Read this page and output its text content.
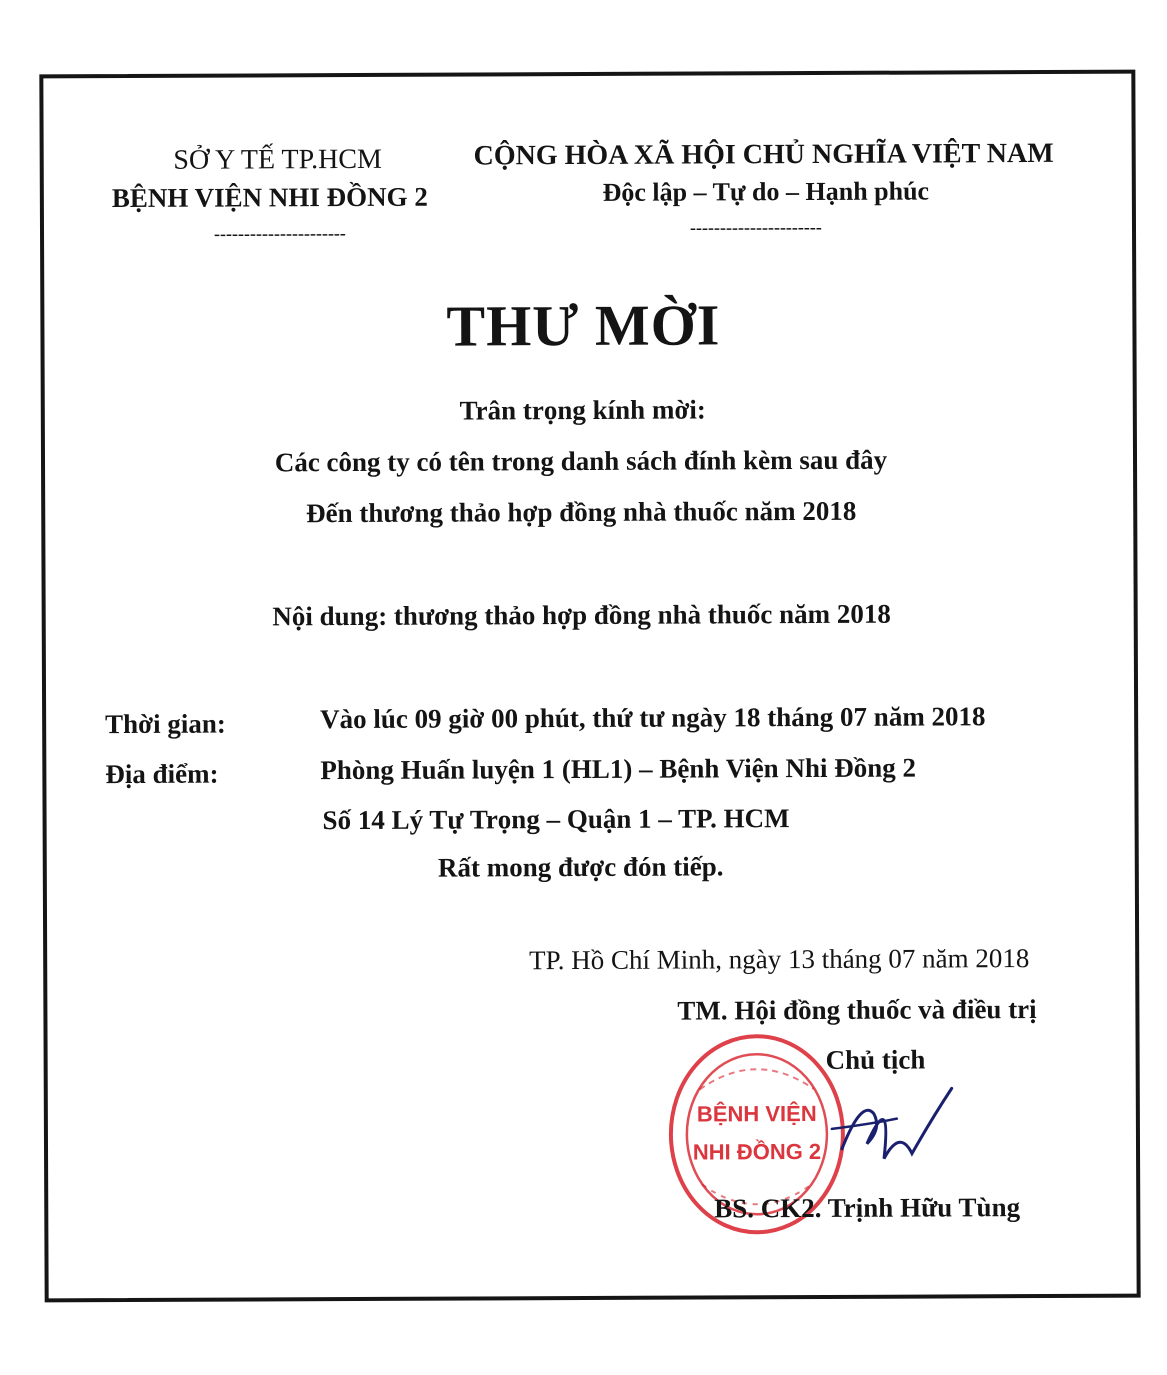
SỞ Y TẾ TP.HCM
BỆNH VIỆN NHI ĐỒNG 2
----------------------
CỘNG HÒA XÃ HỘI CHỦ NGHĨA VIỆT NAM
Độc lập – Tự do – Hạnh phúc
----------------------
THƯ MỜI
Trân trọng kính mời:
Các công ty có tên trong danh sách đính kèm sau đây
Đến thương thảo hợp đồng nhà thuốc năm 2018
Nội dung: thương thảo hợp đồng nhà thuốc năm 2018
Thời gian:	Vào lúc 09 giờ 00 phút, thứ tư ngày 18 tháng 07 năm 2018
Địa điểm:	Phòng Huấn luyện 1 (HL1) – Bệnh Viện Nhi Đồng 2
Số 14 Lý Tự Trọng – Quận 1 – TP. HCM
Rất mong được đón tiếp.
TP. Hồ Chí Minh, ngày 13 tháng 07 năm 2018
TM. Hội đồng thuốc và điều trị
Chủ tịch
BỆNH VIỆN
NHI ĐỒNG 2
BS. CK2. Trịnh Hữu Tùng
